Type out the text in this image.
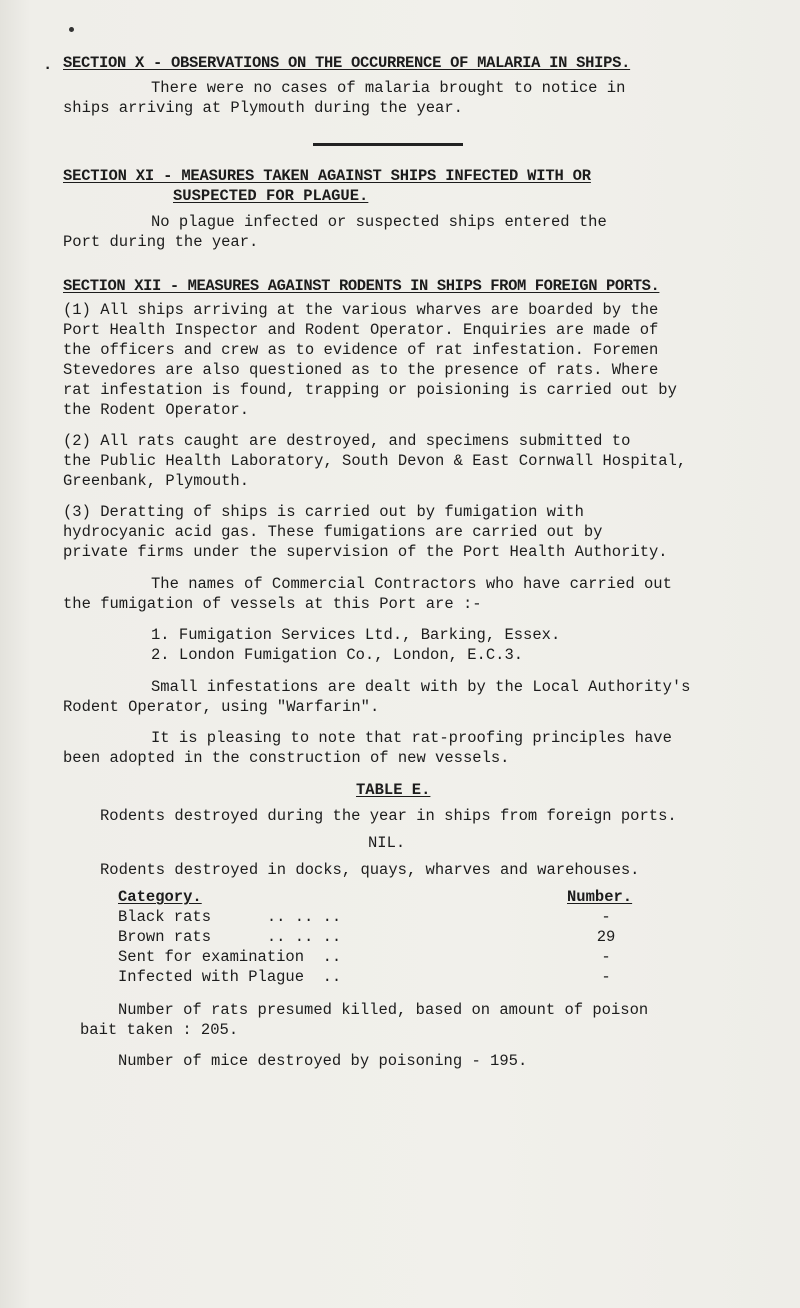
. SECTION X - OBSERVATIONS ON THE OCCURRENCE OF MALARIA IN SHIPS.
There were no cases of malaria brought to notice in
ships arriving at Plymouth during the year.
SECTION XI - MEASURES TAKEN AGAINST SHIPS INFECTED WITH OR
SUSPECTED FOR PLAGUE.
No plague infected or suspected ships entered the
Port during the year.
SECTION XII - MEASURES AGAINST RODENTS IN SHIPS FROM FOREIGN PORTS.
(1) All ships arriving at the various wharves are boarded by the
Port Health Inspector and Rodent Operator. Enquiries are made of
the officers and crew as to evidence of rat infestation. Foremen
Stevedores are also questioned as to the presence of rats. Where
rat infestation is found, trapping or poisioning is carried out by
the Rodent Operator.
(2) All rats caught are destroyed, and specimens submitted to
the Public Health Laboratory, South Devon & East Cornwall Hospital,
Greenbank, Plymouth.
(3) Deratting of ships is carried out by fumigation with
hydrocyanic acid gas. These fumigations are carried out by
private firms under the supervision of the Port Health Authority.
The names of Commercial Contractors who have carried out
the fumigation of vessels at this Port are :-
1. Fumigation Services Ltd., Barking, Essex.
2. London Fumigation Co., London, E.C.3.
Small infestations are dealt with by the Local Authority's
Rodent Operator, using "Warfarin".
It is pleasing to note that rat-proofing principles have
been adopted in the construction of new vessels.
TABLE E.
Rodents destroyed during the year in ships from foreign ports.
NIL.
Rodents destroyed in docks, quays, wharves and warehouses.
Category.	Number.
Black rats      .. .. ..	-
Brown rats      .. .. ..	29
Sent for examination  ..	-
Infected with Plague  ..	-
Number of rats presumed killed, based on amount of poison
bait taken : 205.
Number of mice destroyed by poisoning - 195.
